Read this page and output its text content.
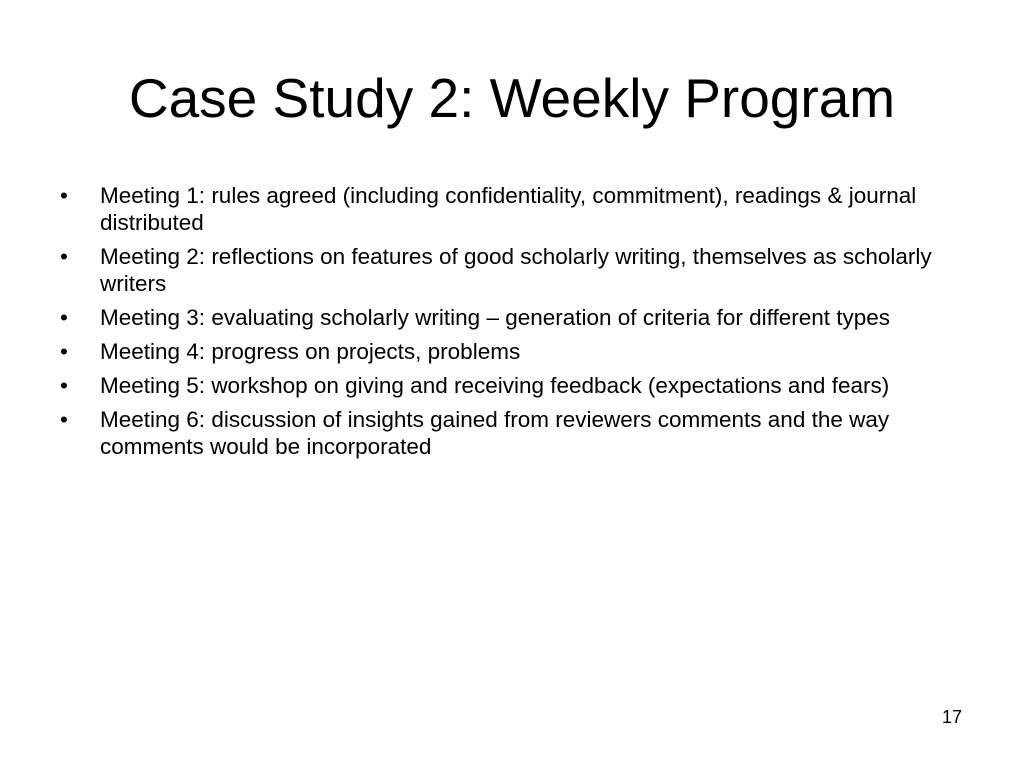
Case Study 2: Weekly Program
•	Meeting 1: rules agreed (including confidentiality, commitment), readings & journal distributed
•	Meeting 2: reflections on features of good scholarly writing, themselves as scholarly writers
•	Meeting 3: evaluating scholarly writing – generation of criteria for different types
•	Meeting 4: progress on projects, problems
•	Meeting 5: workshop on giving and receiving feedback (expectations and fears)
•	Meeting 6: discussion of insights gained from reviewers comments and the way comments would be incorporated
17
